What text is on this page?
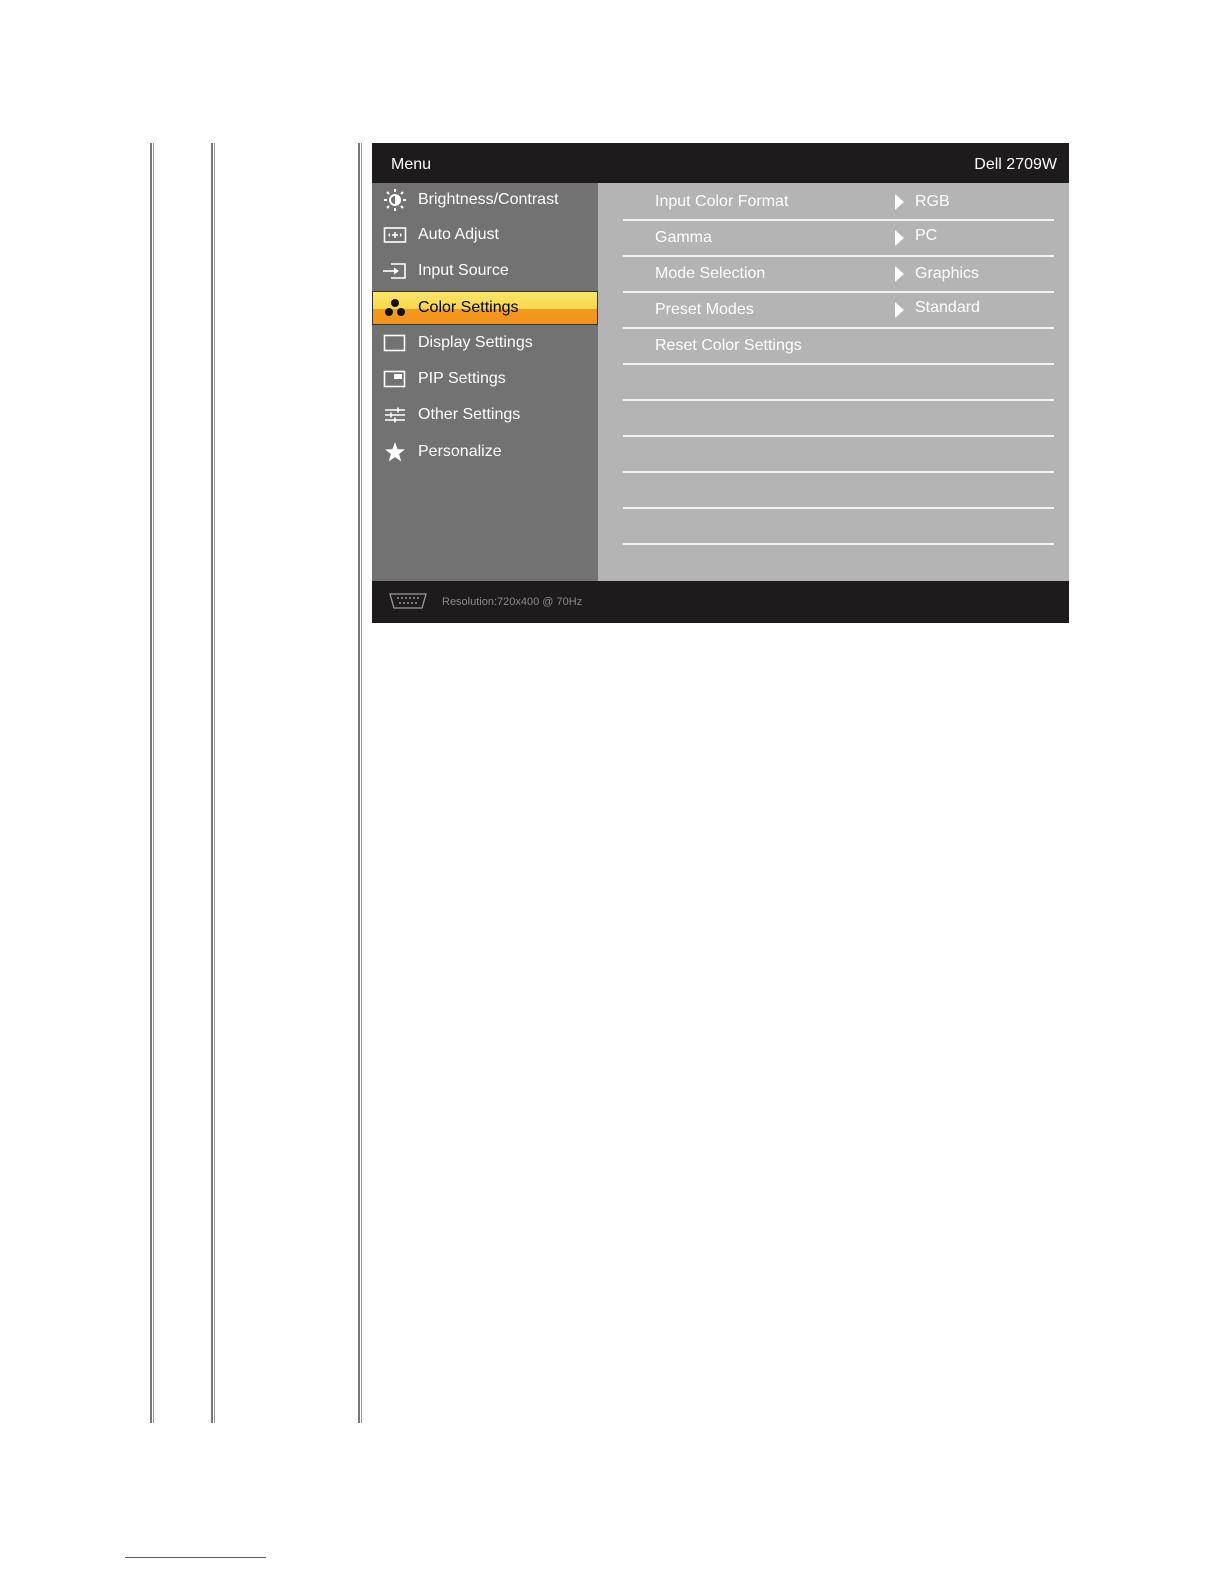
Menu	Dell 2709W
Brightness/Contrast
Auto Adjust
Input Source
Color Settings
Display Settings
PIP Settings
Other Settings
Personalize
Input Color Format	RGB
Gamma	PC
Mode Selection	Graphics
Preset Modes	Standard
Reset Color Settings
Resolution:720x400 @ 70Hz
